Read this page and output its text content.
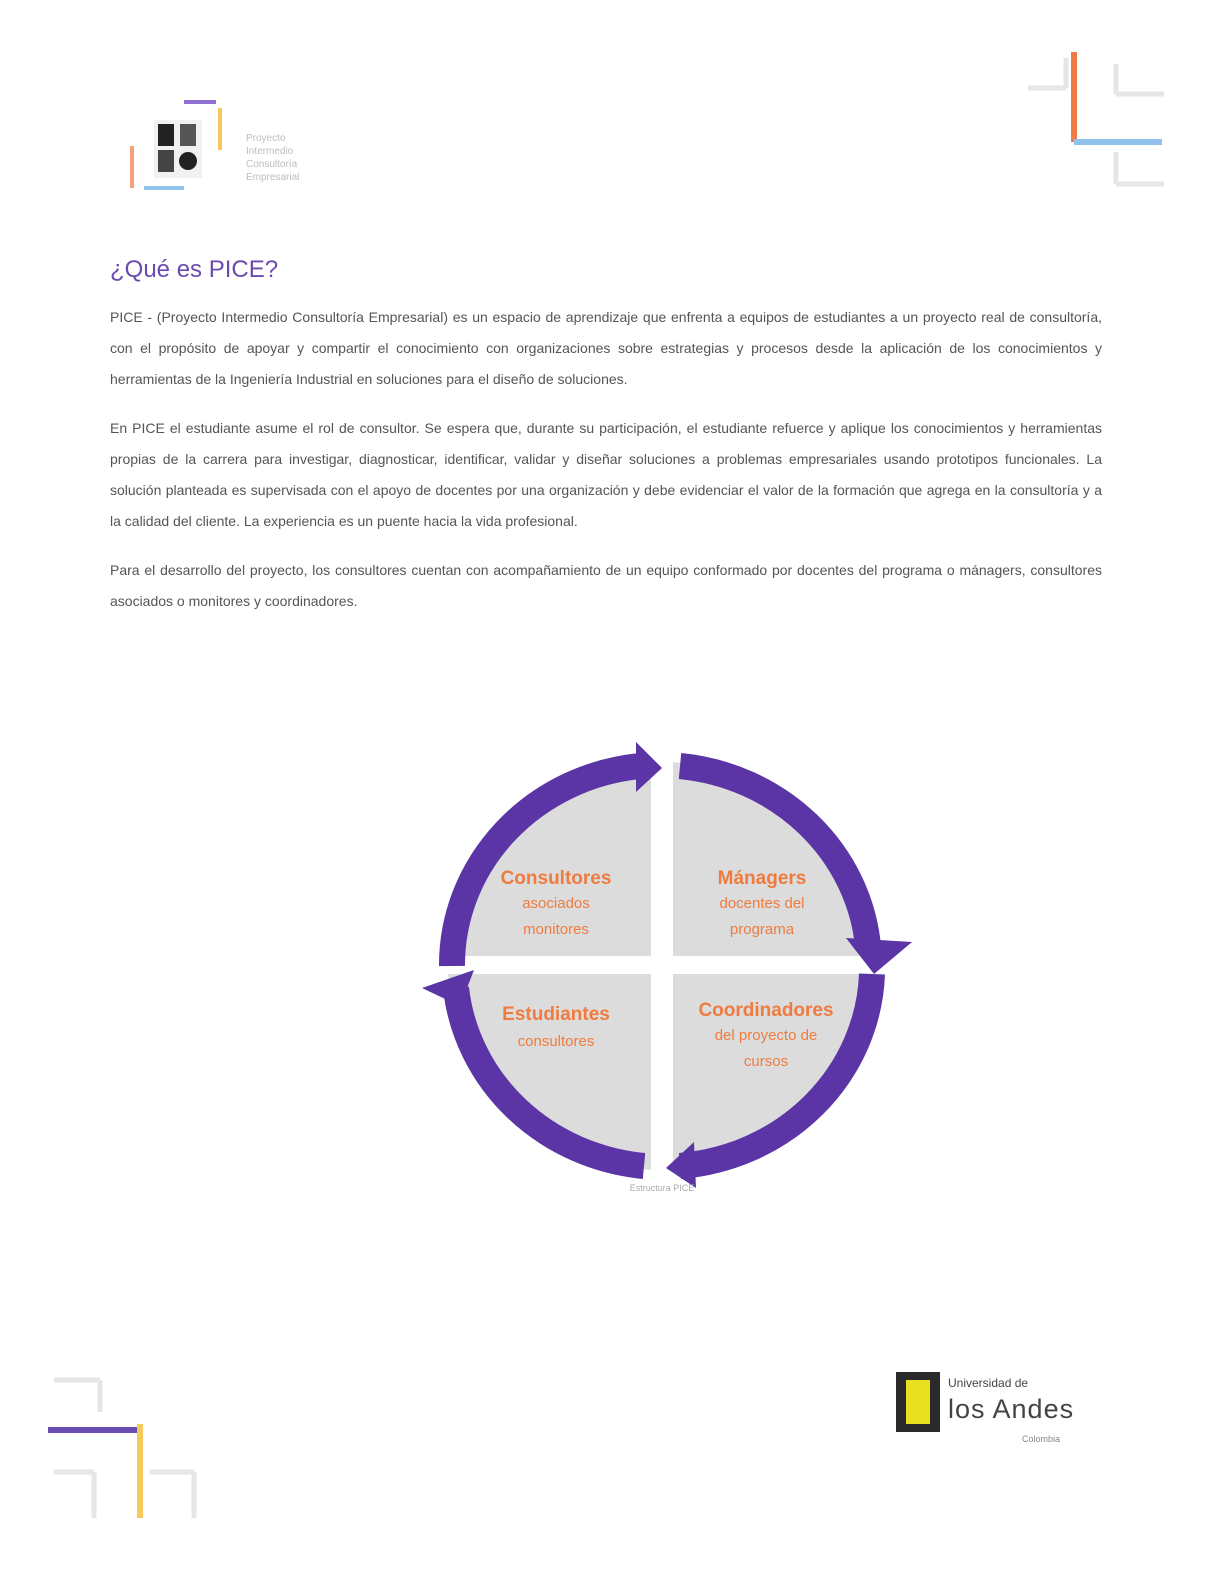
Proyecto
Intermedio
Consultoría
Empresarial
¿Qué es PICE?

PICE - (Proyecto Intermedio Consultoría Empresarial) es un espacio de aprendizaje que enfrenta a equipos de estudiantes a un proyecto real de consultoría, con el propósito de apoyar y compartir el conocimiento con organizaciones sobre estrategias y procesos desde la aplicación de los conocimientos y herramientas de la Ingeniería Industrial en soluciones para el diseño de soluciones.

En PICE el estudiante asume el rol de consultor. Se espera que, durante su participación, el estudiante refuerce y aplique los conocimientos y herramientas propias de la carrera para investigar, diagnosticar, identificar, validar y diseñar soluciones a problemas empresariales usando prototipos funcionales. La solución planteada es supervisada con el apoyo de docentes por una organización y debe evidenciar el valor de la formación que agrega en la consultoría y a la calidad del cliente. La experiencia es un puente hacia la vida profesional.

Para el desarrollo del proyecto, los consultores cuentan con acompañamiento de un equipo conformado por docentes del programa o mánagers, consultores asociados o monitores y coordinadores.

Consultores
asociados
monitores
Mánagers
docentes del
programa
Estudiantes
consultores
Coordinadores
del proyecto de
cursos
Estructura PICE
Universidad de
los Andes
Colombia
